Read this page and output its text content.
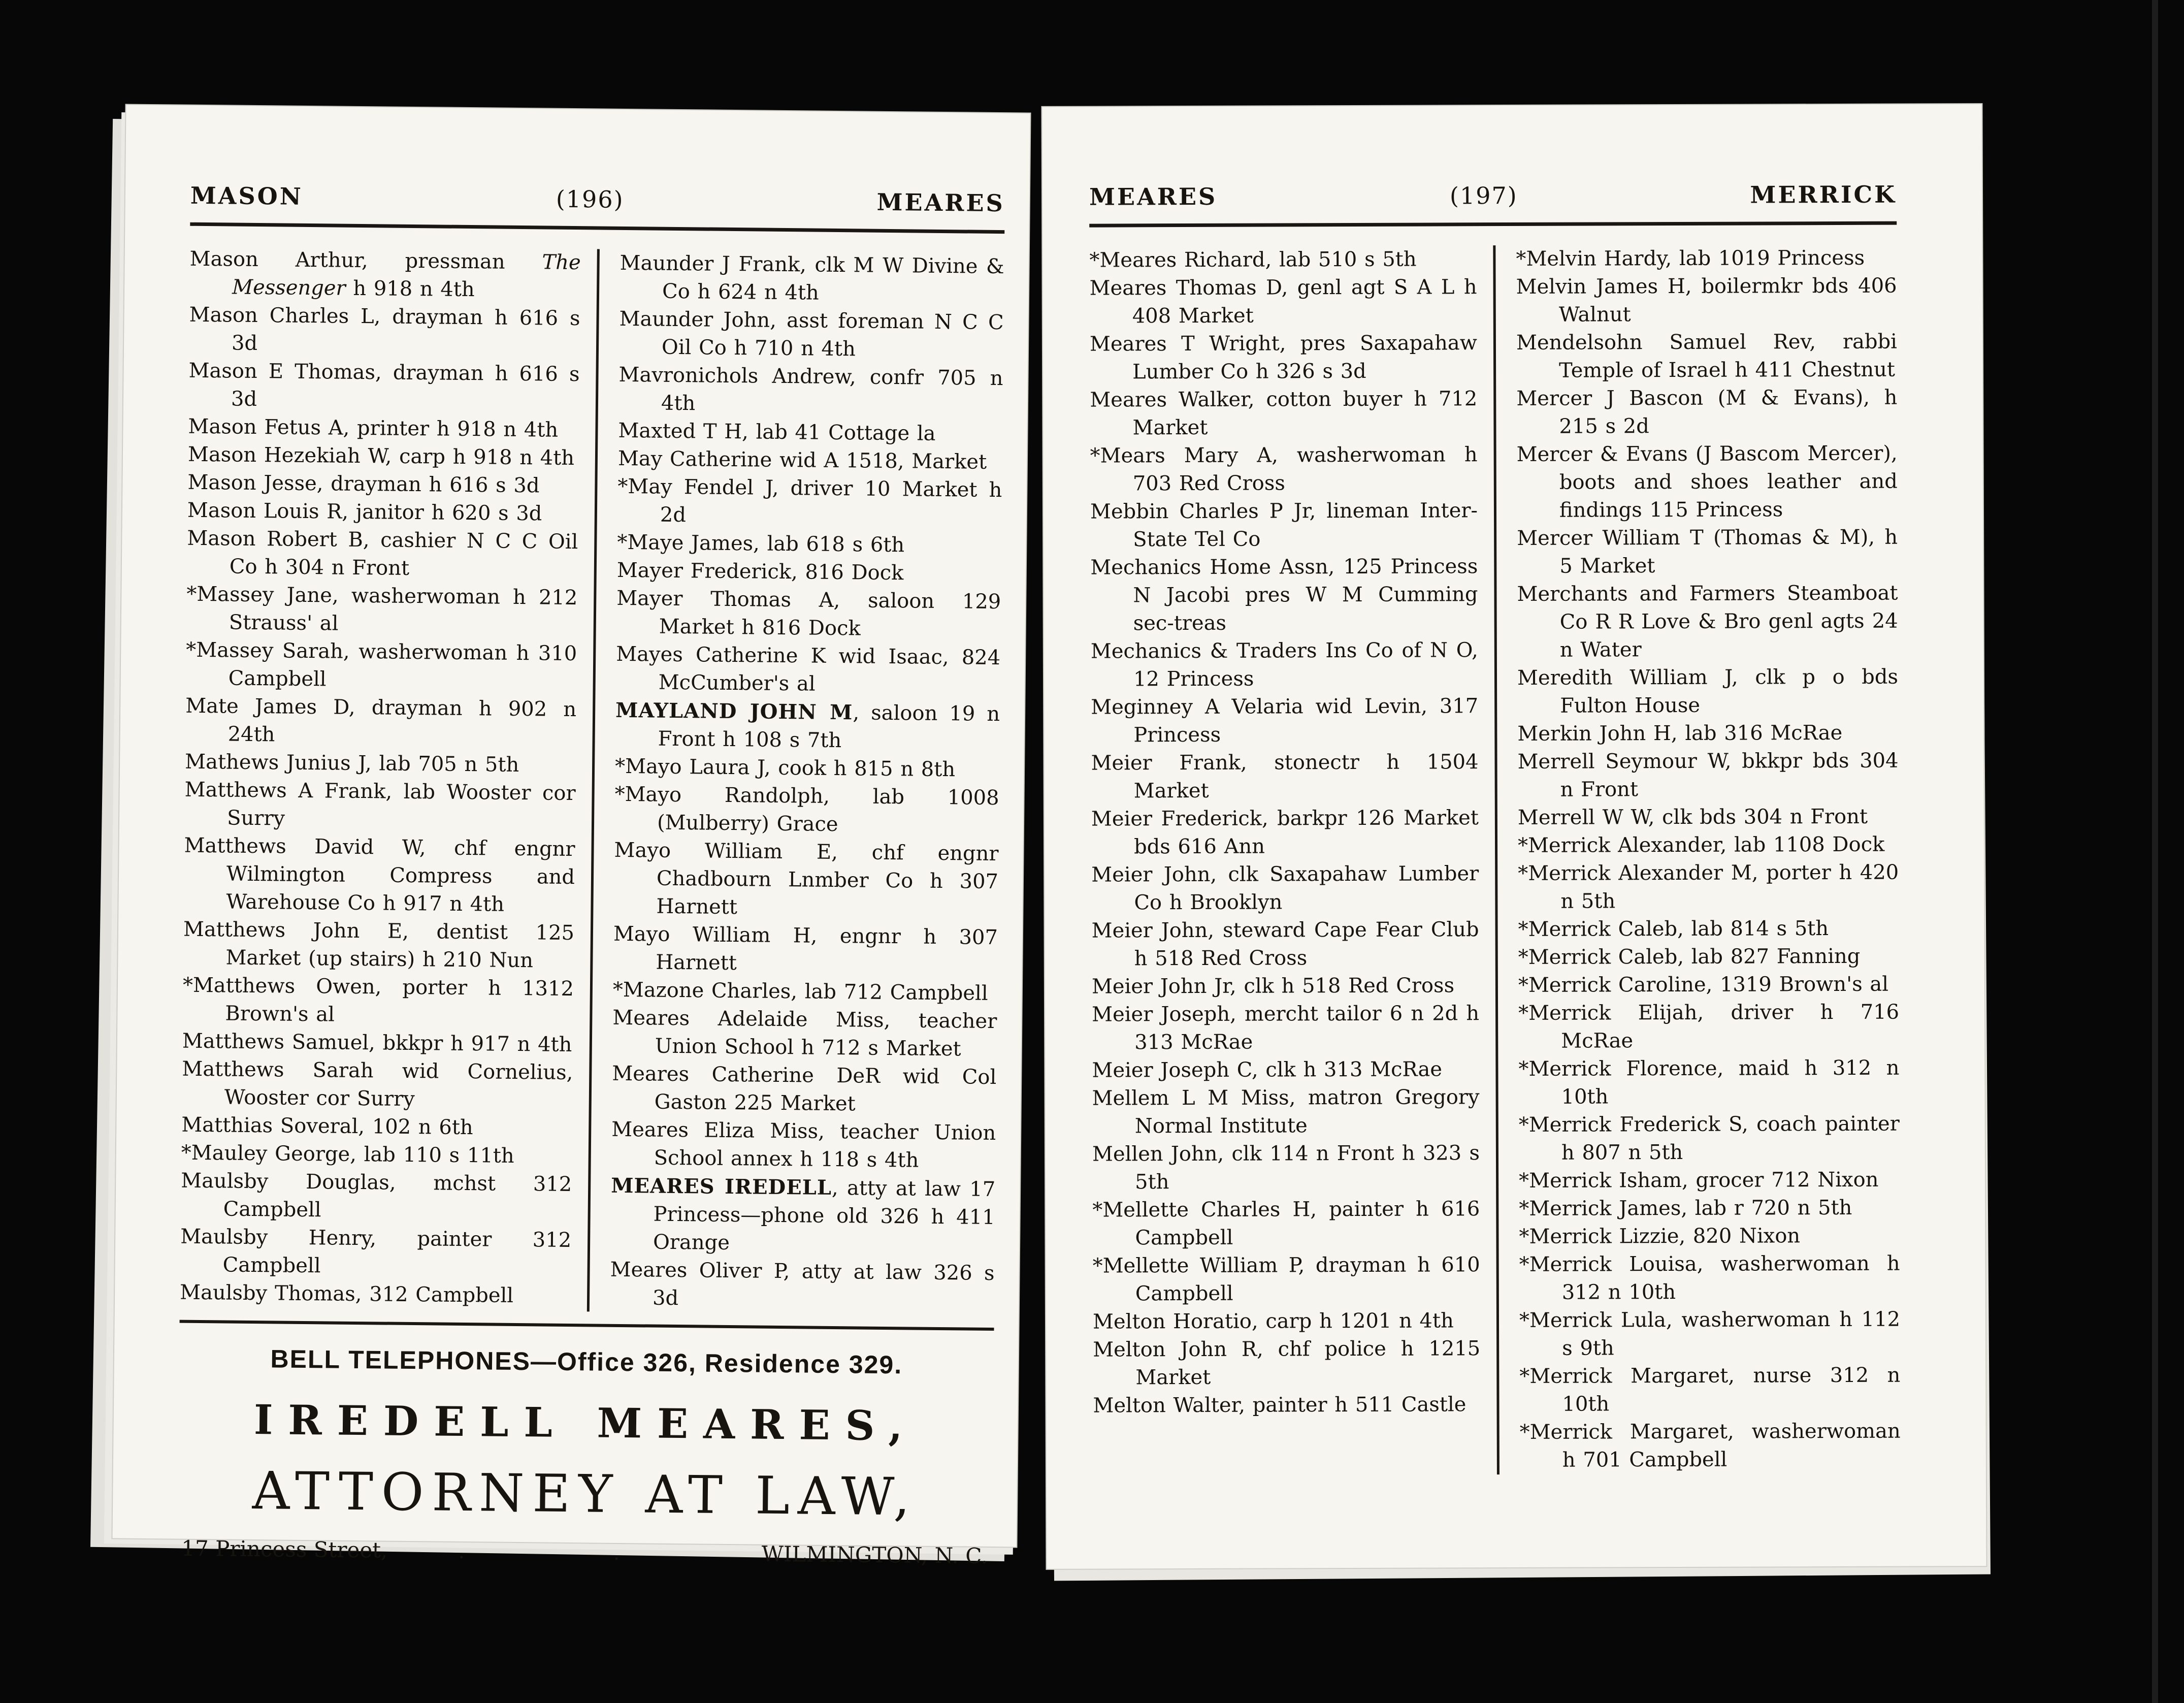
MASON	(196)	MEARES
Mason Arthur, pressman The Messenger h 918 n 4th
Mason Charles L, drayman h 616 s 3d
Mason E Thomas, drayman h 616 s 3d
Mason Fetus A, printer h 918 n 4th
Mason Hezekiah W, carp h 918 n 4th
Mason Jesse, drayman h 616 s 3d
Mason Louis R, janitor h 620 s 3d
Mason Robert B, cashier N C C Oil Co h 304 n Front
*Massey Jane, washerwoman h 212 Strauss' al
*Massey Sarah, washerwoman h 310 Campbell
Mate James D, drayman h 902 n 24th
Mathews Junius J, lab 705 n 5th
Matthews A Frank, lab Wooster cor Surry
Matthews David W, chf engnr Wilmington Compress and Warehouse Co h 917 n 4th
Matthews John E, dentist 125 Market (up stairs) h 210 Nun
*Matthews Owen, porter h 1312 Brown's al
Matthews Samuel, bkkpr h 917 n 4th
Matthews Sarah wid Cornelius, Wooster cor Surry
Matthias Soveral, 102 n 6th
*Mauley George, lab 110 s 11th
Maulsby Douglas, mchst 312 Campbell
Maulsby Henry, painter 312 Campbell
Maulsby Thomas, 312 Campbell
Maunder J Frank, clk M W Divine & Co h 624 n 4th
Maunder John, asst foreman N C C Oil Co h 710 n 4th
Mavronichols Andrew, confr 705 n 4th
Maxted T H, lab 41 Cottage la
May Catherine wid A 1518, Market
*May Fendel J, driver 10 Market h 2d
*Maye James, lab 618 s 6th
Mayer Frederick, 816 Dock
Mayer Thomas A, saloon 129 Market h 816 Dock
Mayes Catherine K wid Isaac, 824 McCumber's al
MAYLAND JOHN M, saloon 19 n Front h 108 s 7th
*Mayo Laura J, cook h 815 n 8th
*Mayo Randolph, lab 1008 (Mulberry) Grace
Mayo William E, chf engnr Chadbourn Lnmber Co h 307 Harnett
Mayo William H, engnr h 307 Harnett
*Mazone Charles, lab 712 Campbell
Meares Adelaide Miss, teacher Union School h 712 s Market
Meares Catherine DeR wid Col Gaston 225 Market
Meares Eliza Miss, teacher Union School annex h 118 s 4th
MEARES IREDELL, atty at law 17 Princess—phone old 326 h 411 Orange
Meares Oliver P, atty at law 326 s 3d
BELL TELEPHONES—Office 326, Residence 329.
IREDELL MEARES,
ATTORNEY AT LAW,
17 Princess Street,	. .	WILMINGTON, N. C.
MEARES	(197)	MERRICK
*Meares Richard, lab 510 s 5th
Meares Thomas D, genl agt S A L h 408 Market
Meares T Wright, pres Saxapahaw Lumber Co h 326 s 3d
Meares Walker, cotton buyer h 712 Market
*Mears Mary A, washerwoman h 703 Red Cross
Mebbin Charles P Jr, lineman Inter-State Tel Co
Mechanics Home Assn, 125 Princess N Jacobi pres W M Cumming sec-treas
Mechanics & Traders Ins Co of N O, 12 Princess
Meginney A Velaria wid Levin, 317 Princess
Meier Frank, stonectr h 1504 Market
Meier Frederick, barkpr 126 Market bds 616 Ann
Meier John, clk Saxapahaw Lumber Co h Brooklyn
Meier John, steward Cape Fear Club h 518 Red Cross
Meier John Jr, clk h 518 Red Cross
Meier Joseph, mercht tailor 6 n 2d h 313 McRae
Meier Joseph C, clk h 313 McRae
Mellem L M Miss, matron Gregory Normal Institute
Mellen John, clk 114 n Front h 323 s 5th
*Mellette Charles H, painter h 616 Campbell
*Mellette William P, drayman h 610 Campbell
Melton Horatio, carp h 1201 n 4th
Melton John R, chf police h 1215 Market
Melton Walter, painter h 511 Castle
*Melvin Hardy, lab 1019 Princess
Melvin James H, boilermkr bds 406 Walnut
Mendelsohn Samuel Rev, rabbi Temple of Israel h 411 Chestnut
Mercer J Bascon (M & Evans), h 215 s 2d
Mercer & Evans (J Bascom Mercer), boots and shoes leather and findings 115 Princess
Mercer William T (Thomas & M), h 5 Market
Merchants and Farmers Steamboat Co R R Love & Bro genl agts 24 n Water
Meredith William J, clk p o bds Fulton House
Merkin John H, lab 316 McRae
Merrell Seymour W, bkkpr bds 304 n Front
Merrell W W, clk bds 304 n Front
*Merrick Alexander, lab 1108 Dock
*Merrick Alexander M, porter h 420 n 5th
*Merrick Caleb, lab 814 s 5th
*Merrick Caleb, lab 827 Fanning
*Merrick Caroline, 1319 Brown's al
*Merrick Elijah, driver h 716 McRae
*Merrick Florence, maid h 312 n 10th
*Merrick Frederick S, coach painter h 807 n 5th
*Merrick Isham, grocer 712 Nixon
*Merrick James, lab r 720 n 5th
*Merrick Lizzie, 820 Nixon
*Merrick Louisa, washerwoman h 312 n 10th
*Merrick Lula, washerwoman h 112 s 9th
*Merrick Margaret, nurse 312 n 10th
*Merrick Margaret, washerwoman h 701 Campbell
